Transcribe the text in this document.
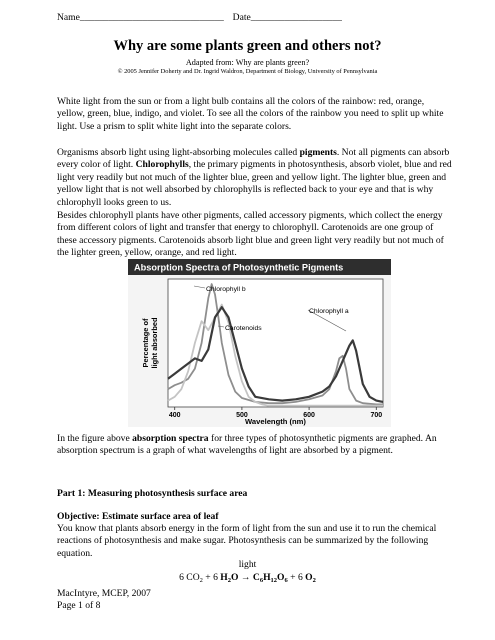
Name______________________________ Date___________________
Why are some plants green and others not?

Adapted from: Why are plants green?

© 2005 Jennifer Doherty and Dr. Ingrid Waldron, Department of Biology, University of Pennsylvania

White light from the sun or from a light bulb contains all the colors of the rainbow: red, orange, yellow, green, blue, indigo, and violet. To see all the colors of the rainbow you need to split up white light. Use a prism to split white light into the separate colors.

Organisms absorb light using light-absorbing molecules called pigments. Not all pigments can absorb every color of light. Chlorophylls, the primary pigments in photosynthesis, absorb violet, blue and red light very readily but not much of the lighter blue, green and yellow light. The lighter blue, green and yellow light that is not well absorbed by chlorophylls is reflected back to your eye and that is why chlorophyll looks green to us.

Besides chlorophyll plants have other pigments, called accessory pigments, which collect the energy from different colors of light and transfer that energy to chlorophyll. Carotenoids are one group of these accessory pigments. Carotenoids absorb light blue and green light very readily but not much of the lighter green, yellow, orange, and red light.

Absorption Spectra of Photosynthetic Pigments
400	500	600	700
Chlorophyll b
Carotenoids
Chlorophyll a
Percentage of light absorbed
Wavelength (nm)

In the figure above absorption spectra for three types of photosynthetic pigments are graphed. An absorption spectrum is a graph of what wavelengths of light are absorbed by a pigment.

Part 1: Measuring photosynthesis surface area

Objective: Estimate surface area of leaf

You know that plants absorb energy in the form of light from the sun and use it to run the chemical reactions of photosynthesis and make sugar. Photosynthesis can be summarized by the following equation.

light

6 $CO_2 + 6$ $H_2O \to C_6H_{12}O_6 + 6$ $O_2$

MacIntyre, MCEP, 2007
Page 1 of 8
